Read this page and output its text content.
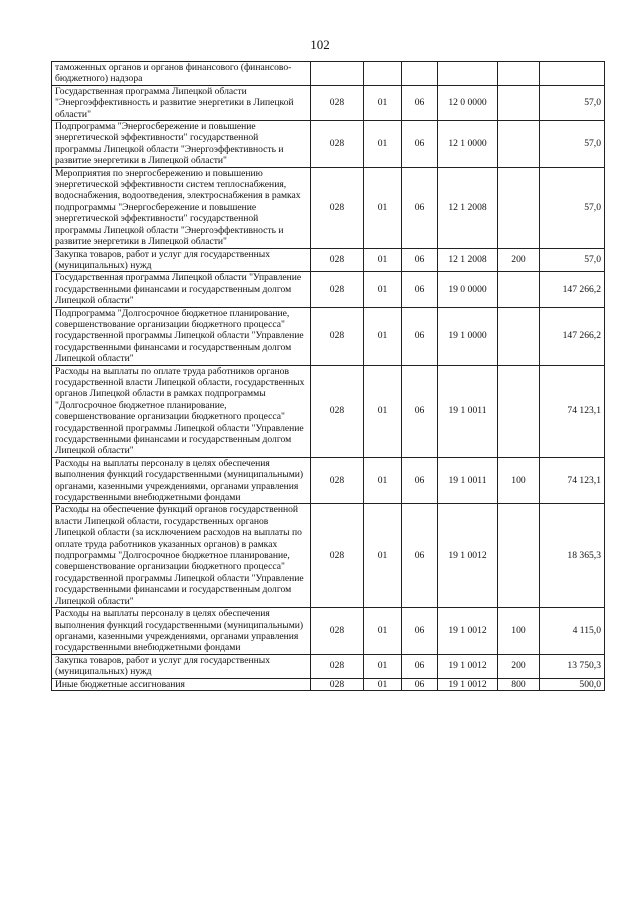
102
таможенных органов и органов финансового (финансово-бюджетного) надзора						
Государственная программа Липецкой области "Энергоэффективность и развитие энергетики в Липецкой области"	028	01	06	12 0 0000		57,0
Подпрограмма "Энергосбережение и повышение энергетической эффективности" государственной программы Липецкой области "Энергоэффективность и развитие энергетики в Липецкой области"	028	01	06	12 1 0000		57,0
Мероприятия по энергосбережению и повышению энергетической эффективности систем теплоснабжения, водоснабжения, водоотведения, электроснабжения в рамках подпрограммы "Энергосбережение и повышение энергетической эффективности" государственной программы Липецкой области "Энергоэффективность и развитие энергетики в Липецкой области"	028	01	06	12 1 2008		57,0
Закупка товаров, работ и услуг для государственных (муниципальных) нужд	028	01	06	12 1 2008	200	57,0
Государственная программа Липецкой области "Управление государственными финансами и государственным долгом Липецкой области"	028	01	06	19 0 0000		147 266,2
Подпрограмма "Долгосрочное бюджетное планирование, совершенствование организации бюджетного процесса" государственной программы Липецкой области "Управление государственными финансами и государственным долгом Липецкой области"	028	01	06	19 1 0000		147 266,2
Расходы на выплаты по оплате труда работников органов государственной власти Липецкой области, государственных органов Липецкой области в рамках подпрограммы "Долгосрочное бюджетное планирование, совершенствование организации бюджетного процесса" государственной программы Липецкой области "Управление государственными финансами и государственным долгом Липецкой области"	028	01	06	19 1 0011		74 123,1
Расходы на выплаты персоналу в целях обеспечения выполнения функций государственными (муниципальными) органами, казенными учреждениями, органами управления государственными внебюджетными фондами	028	01	06	19 1 0011	100	74 123,1
Расходы на обеспечение функций органов государственной власти Липецкой области, государственных органов Липецкой области (за исключением расходов на выплаты по оплате труда работников указанных органов) в рамках подпрограммы "Долгосрочное бюджетное планирование, совершенствование организации бюджетного процесса" государственной программы Липецкой области "Управление государственными финансами и государственным долгом Липецкой области"	028	01	06	19 1 0012		18 365,3
Расходы на выплаты персоналу в целях обеспечения выполнения функций государственными (муниципальными) органами, казенными учреждениями, органами управления государственными внебюджетными фондами	028	01	06	19 1 0012	100	4 115,0
Закупка товаров, работ и услуг для государственных (муниципальных) нужд	028	01	06	19 1 0012	200	13 750,3
Иные бюджетные ассигнования	028	01	06	19 1 0012	800	500,0
